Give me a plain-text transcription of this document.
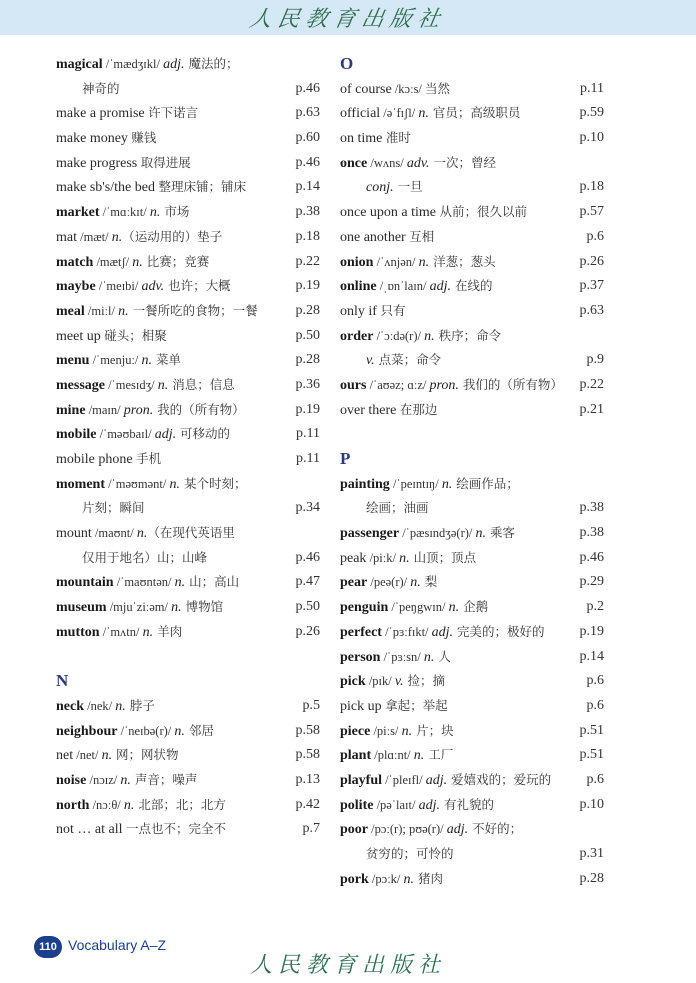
人民教育出版社
magical /ˈmædʒɪkl/ adj. 魔法的；
神奇的	p.46
make a promise 许下诺言	p.63
make money 赚钱	p.60
make progress 取得进展	p.46
make sb's/the bed 整理床铺；铺床	p.14
market /ˈmɑːkɪt/ n. 市场	p.38
mat /mæt/ n.（运动用的）垫子	p.18
match /mætʃ/ n. 比赛；竞赛	p.22
maybe /ˈmeɪbi/ adv. 也许；大概	p.19
meal /miːl/ n. 一餐所吃的食物；一餐	p.28
meet up 碰头；相聚	p.50
menu /ˈmenjuː/ n. 菜单	p.28
message /ˈmesɪdʒ/ n. 消息；信息	p.36
mine /maɪn/ pron. 我的（所有物）	p.19
mobile /ˈməʊbaɪl/ adj. 可移动的	p.11
mobile phone 手机	p.11
moment /ˈməʊmənt/ n. 某个时刻；
片刻；瞬间	p.34
mount /maʊnt/ n.（在现代英语里
仅用于地名）山；山峰	p.46
mountain /ˈmaʊntən/ n. 山；高山	p.47
museum /mjuˈziːəm/ n. 博物馆	p.50
mutton /ˈmʌtn/ n. 羊肉	p.26
N
neck /nek/ n. 脖子	p.5
neighbour /ˈneɪbə(r)/ n. 邻居	p.58
net /net/ n. 网；网状物	p.58
noise /nɔɪz/ n. 声音；噪声	p.13
north /nɔːθ/ n. 北部；北；北方	p.42
not … at all 一点也不；完全不	p.7
O
of course /kɔːs/ 当然	p.11
official /əˈfɪʃl/ n. 官员；高级职员	p.59
on time 准时	p.10
once /wʌns/ adv. 一次；曾经
conj. 一旦	p.18
once upon a time 从前；很久以前	p.57
one another 互相	p.6
onion /ˈʌnjən/ n. 洋葱；葱头	p.26
online /ˌɒnˈlaɪn/ adj. 在线的	p.37
only if 只有	p.63
order /ˈɔːdə(r)/ n. 秩序；命令
v. 点菜；命令	p.9
ours /ˈaʊəz; ɑːz/ pron. 我们的（所有物） p.22
over there 在那边	p.21
P
painting /ˈpeɪntɪŋ/ n. 绘画作品；
绘画；油画	p.38
passenger /ˈpæsɪndʒə(r)/ n. 乘客	p.38
peak /piːk/ n. 山顶；顶点	p.46
pear /peə(r)/ n. 梨	p.29
penguin /ˈpeŋgwɪn/ n. 企鹅	p.2
perfect /ˈpɜːfɪkt/ adj. 完美的；极好的 p.19
person /ˈpɜːsn/ n. 人	p.14
pick /pɪk/ v. 捡；摘	p.6
pick up 拿起；举起	p.6
piece /piːs/ n. 片；块	p.51
plant /plɑːnt/ n. 工厂	p.51
playful /ˈpleɪfl/ adj. 爱嬉戏的；爱玩的	p.6
polite /pəˈlaɪt/ adj. 有礼貌的	p.10
poor /pɔː(r); pʊə(r)/ adj. 不好的；
贫穷的；可怜的	p.31
pork /pɔːk/ n. 猪肉	p.28
110 Vocabulary A–Z
人民教育出版社
